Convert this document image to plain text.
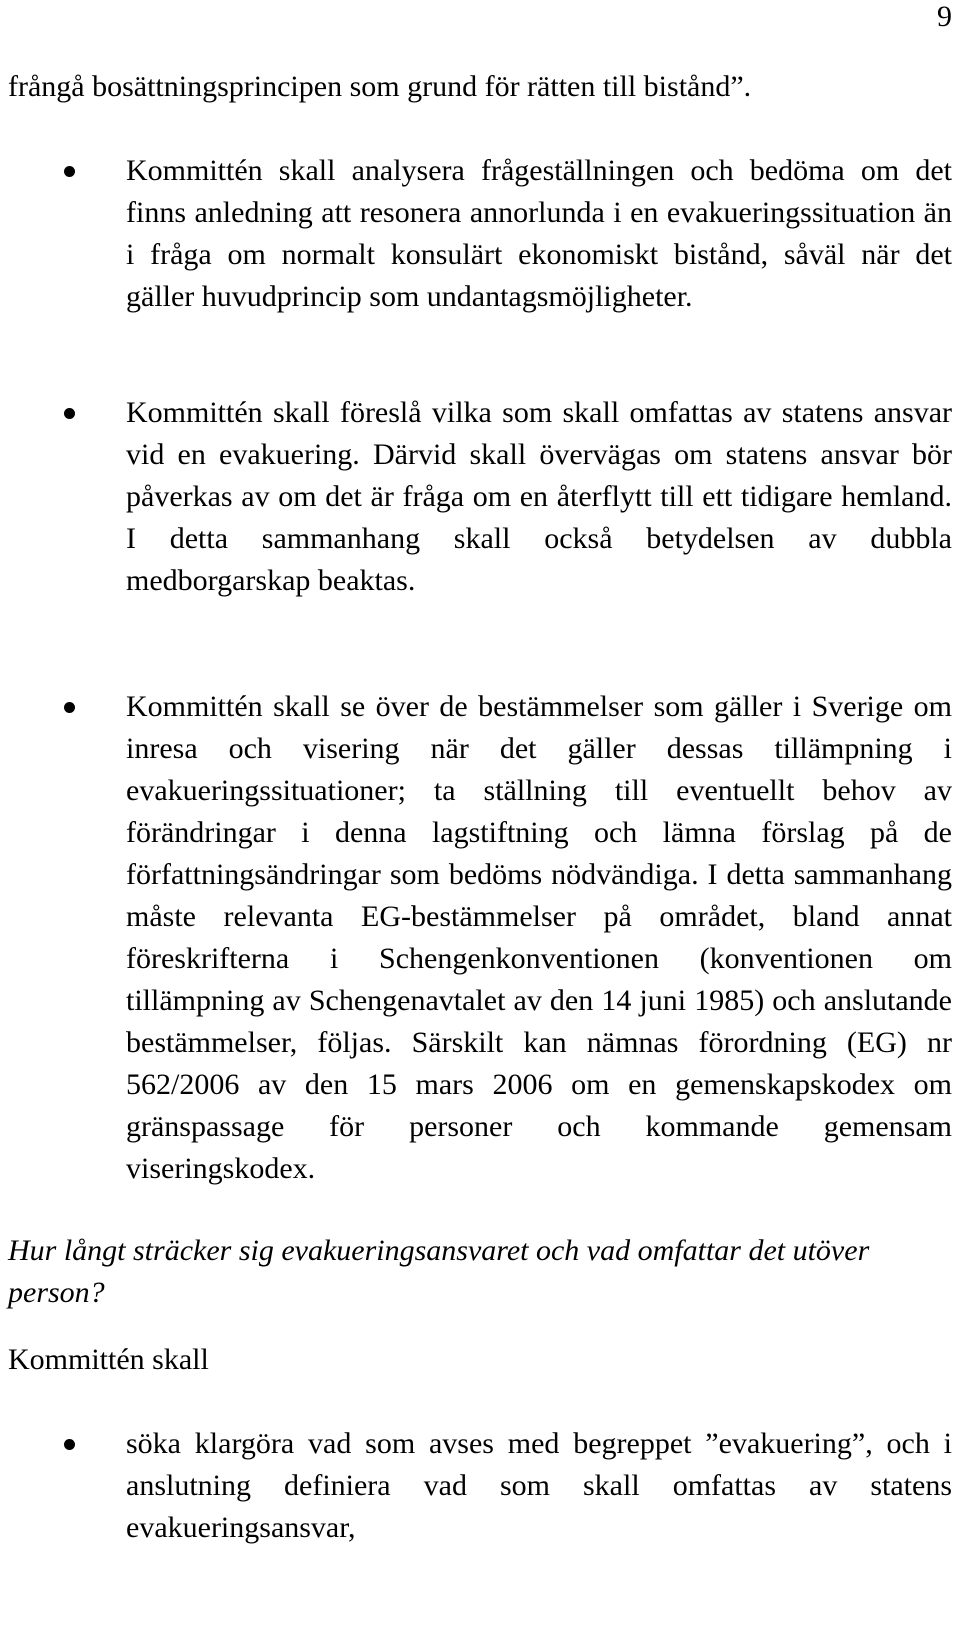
9

frångå bosättningsprincipen som grund för rätten till bistånd”.

Kommittén skall analysera frågeställningen och bedöma om det finns anledning att resonera annorlunda i en evakueringssituation än i fråga om normalt konsulärt ekonomiskt bistånd, såväl när det gäller huvudprincip som undantagsmöjligheter.

Kommittén skall föreslå vilka som skall omfattas av statens ansvar vid en evakuering. Därvid skall övervägas om statens ansvar bör påverkas av om det är fråga om en återflytt till ett tidigare hemland. I detta sammanhang skall också betydelsen av dubbla medborgarskap beaktas.

Kommittén skall se över de bestämmelser som gäller i Sverige om inresa och visering när det gäller dessas tillämpning i evakueringssituationer; ta ställning till eventuellt behov av förändringar i denna lagstiftning och lämna förslag på de författningsändringar som bedöms nödvändiga. I detta sammanhang måste relevanta EG-bestämmelser på området, bland annat föreskrifterna i Schengenkonventionen (konventionen om tillämpning av Schengenavtalet av den 14 juni 1985) och anslutande bestämmelser, följas. Särskilt kan nämnas förordning (EG) nr 562/2006 av den 15 mars 2006 om en gemenskapskodex om gränspassage för personer och kommande gemensam viseringskodex.

Hur långt sträcker sig evakueringsansvaret och vad omfattar det utöver person?

Kommittén skall

söka klargöra vad som avses med begreppet ”evakuering”, och i anslutning definiera vad som skall omfattas av statens evakueringsansvar,
